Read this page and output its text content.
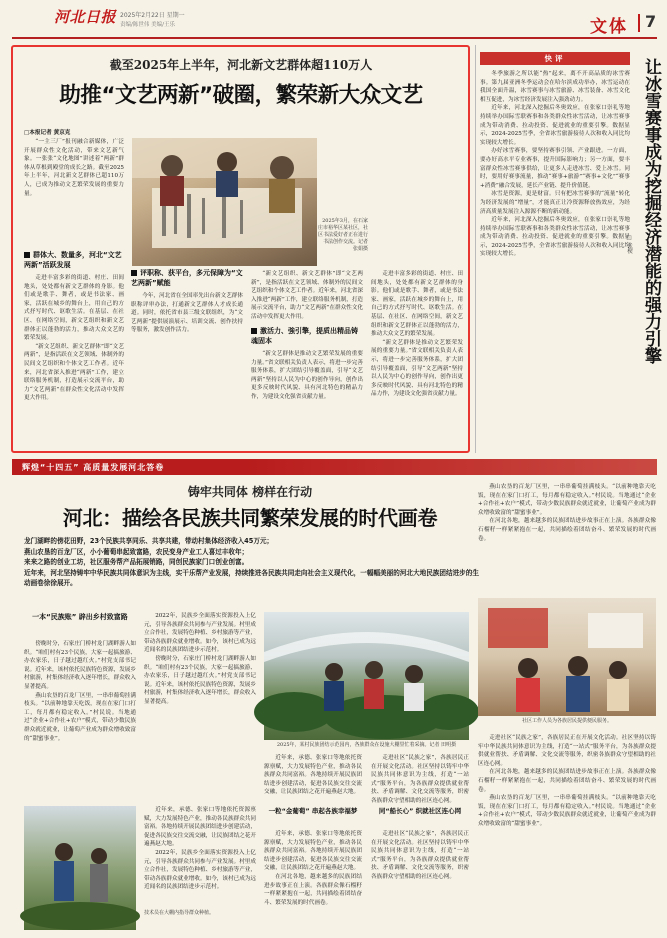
河北日报 2025年2月22日 星期一
责编/陈世伟 美编/王乐	文体 7
截至2025年上半年，河北新文艺群体超110万人
助推“文艺两新”破圈，繁荣新大众文艺
□本报记者 黄京克

“一主三厂”报刊融合新媒体，广泛开展群众性文化活动，带来文艺新气象。一张张“文化地图”讲述着“两新”群体从草根到殿堂的成长之路。截至2025年上半年，河北新文艺群体已超110万人，已成为推动文艺繁荣发展的重要力量。

群体大、数量多，河北“文艺两新”活跃发展

走进丰富多彩的街道、村庄、田间地头，处处都有新文艺群体的身影。他们或是歌手、舞者，或是书法家、画家，活跃在城乡的舞台上，用自己的方式抒写时代、讴歌生活。在基层、在社区、在网络空间，新文艺组织和新文艺群体正以蓬勃的活力，推动大众文艺的繁荣发展。

“新文艺组织、新文艺群体”即“文艺两新”，是指活跃在文艺领域、体制外的民间文艺组织和个体文艺工作者。近年来，河北省深入推进“两新”工作，建立联络服务机制，打造展示交流平台，助力“文艺两新”在群众性文化活动中发挥更大作用。

2025年3月，在石家庄市裕华区某社区，社区书法爱好者正在进行书法创作交流。记者 张娟摄
评职称、获平台，多元保障为“文艺两新”赋能

今年，河北省在全国率先出台新文艺群体职称评审办法，打通新文艺群体人才成长通道。同时，依托省市县三级文联组织，为“文艺两新”提供展演展示、培训交流、创作扶持等服务，激发创作活力。	激活力、強引擎，提质出精品铸魂固本

“新文艺群体是推动文艺繁荣发展的重要力量。”省文联相关负责人表示，将进一步完善服务体系，扩大团结引导覆盖面，引导“文艺两新”坚持以人民为中心的创作导向，创作出更多反映时代风貌、具有河北特色的精品力作，为建设文化强省贡献力量。

“新文艺组织、新文艺群体”即“文艺两新”，是指活跃在文艺领域、体制外的民间文艺组织和个体文艺工作者。近年来，河北省深入推进“两新”工作，建立联络服务机制，打造展示交流平台，助力“文艺两新”在群众性文化活动中发挥更大作用。

走进丰富多彩的街道、村庄、田间地头，处处都有新文艺群体的身影。他们或是歌手、舞者，或是书法家、画家，活跃在城乡的舞台上，用自己的方式抒写时代、讴歌生活。在基层、在社区、在网络空间，新文艺组织和新文艺群体正以蓬勃的活力，推动大众文艺的繁荣发展。

“新文艺群体是推动文艺繁荣发展的重要力量。”省文联相关负责人表示，将进一步完善服务体系，扩大团结引导覆盖面，引导“文艺两新”坚持以人民为中心的创作导向，创作出更多反映时代风貌、具有河北特色的精品力作，为建设文化强省贡献力量。

快评

冬季旅游之所以能“热”起来，离不开高品质的冰雪赛事。第九届亚洲冬季运动会在哈尔滨成功举办，冰雪运动在我国全面升温，冰雪赛事与冰雪旅游、冰雪装备、冰雪文化相互促进，为冰雪经济发展注入强劲动力。

近年来，河北深入挖掘后冬奥效应，在张家口崇礼等地持续举办国际雪联赛事和各类群众性冰雪活动，让冰雪赛事成为带动消费、拉动投资、促进就业的重要引擎。数据显示，2024-2025雪季，全省冰雪旅游接待人次和收入同比均实现较大增长。

办好冰雪赛事，要坚持赛事引领、产业跟进。一方面，要办好高水平专业赛事，提升国际影响力；另一方面，要丰富群众性冰雪赛事供给，让更多人走进冰雪、爱上冰雪。同时，要用好赛事流量，推动“赛事+旅游”“赛事+文化”“赛事+消费”融合发展，延长产业链、提升价值链。

冰雪是资源，更是财富。只有把冰雪赛事的“流量”转化为经济发展的“增量”，才能真正让冷资源释放热效应，为经济高质量发展注入源源不断的新动能。

近年来，河北深入挖掘后冬奥效应，在张家口崇礼等地持续举办国际雪联赛事和各类群众性冰雪活动，让冰雪赛事成为带动消费、拉动投资、促进就业的重要引擎。数据显示，2024-2025雪季，全省冰雪旅游接待人次和收入同比均实现较大增长。	让冰雪赛事成为挖掘经济潜能的强力引擎
□ 张楔
辉煌“十四五” 高质量发展河北答卷
铸牢共同体 榜样在行动
河北：描绘各民族共同繁荣发展的时代画卷
龙门湖畔的傍花田野，23个民族共享同乐、共享共建，带动村集体经济收入45万元；
燕山农垦的百龙厂区，小小葡萄串起致富路，农民变身产业工人喜过丰收年；
来来之路的创业工坊，社区服务帮产品拓展销路，同创民族家门口创业创富。
近年来，河北坚持铸牢中华民族共同体意识为主线，实干乐帮产业发展，持续推进各民族共同走向社会主义现代化，一幅幅美丽的河北大地民族团结进步的生动画卷徐徐展开。
一本“民族账” 辟出乡村致富路

傍晚时分，石家庄门桥村龙门湖畔游人如织。“咱们村有23个民族，大家一起搞旅游、办农家乐，日子越过越红火。”村党支部书记说。近年来，该村依托民族特色资源，发展乡村旅游，村集体经济收入逐年增长，群众收入显著提高。

燕山农垦的百龙厂区里，一串串葡萄挂满枝头。“以前种地靠天吃饭，现在在家门口打工，每月都有稳定收入。”村民说。当地通过“企业+合作社+农户”模式，带动少数民族群众就近就业，让葡萄产业成为群众增收致富的“甜蜜事业”。

2022年，民族乡全面落实资源投入上亿元，引导各族群众共同参与产业发展。村里成立合作社，发展特色种植、乡村旅游等产业，带动各族群众就业增收。如今，该村已成为远近闻名的民族团结进步示范村。

傍晚时分，石家庄门桥村龙门湖畔游人如织。“咱们村有23个民族，大家一起搞旅游、办农家乐，日子越过越红火。”村党支部书记说。近年来，该村依托民族特色资源，发展乡村旅游，村集体经济收入逐年增长，群众收入显著提高。

2025年，某村民族团结示范园内，各族群众在设施大棚里忙着采摘。记者 田明摄

近年来，承德、张家口等地依托资源禀赋，大力发展特色产业，推动各民族群众共同富裕。各地持续开展民族团结进步创建活动，促进各民族交往交流交融，让民族团结之花开遍燕赵大地。

走进社区“民族之家”，各族居民正在开展文化活动。社区坚持以铸牢中华民族共同体意识为主线，打造“一站式”服务平台，为各族群众提供就业帮扶、矛盾调解、文化交流等服务，织密各族群众守望相助的社区连心网。

燕山农垦的百龙厂区里，一串串葡萄挂满枝头。“以前种地靠天吃饭，现在在家门口打工，每月都有稳定收入。”村民说。当地通过“企业+合作社+农户”模式，带动少数民族群众就近就业，让葡萄产业成为群众增收致富的“甜蜜事业”。

在河北各地，越来越多的民族团结进步故事正在上演。各族群众像石榴籽一样紧紧抱在一起，共同描绘着团结奋斗、繁荣发展的时代画卷。

社区工作人员为各族居民提供便民服务。
技术员在大棚内指导群众种植。

近年来，承德、张家口等地依托资源禀赋，大力发展特色产业，推动各民族群众共同富裕。各地持续开展民族团结进步创建活动，促进各民族交往交流交融，让民族团结之花开遍燕赵大地。

2022年，民族乡全面落实资源投入上亿元，引导各族群众共同参与产业发展。村里成立合作社，发展特色种植、乡村旅游等产业，带动各族群众就业增收。如今，该村已成为远近闻名的民族团结进步示范村。

一粒“金葡萄” 串起各族幸福梦

近年来，承德、张家口等地依托资源禀赋，大力发展特色产业，推动各民族群众共同富裕。各地持续开展民族团结进步创建活动，促进各民族交往交流交融，让民族团结之花开遍燕赵大地。

在河北各地，越来越多的民族团结进步故事正在上演。各族群众像石榴籽一样紧紧抱在一起，共同描绘着团结奋斗、繁荣发展的时代画卷。

同“船长心” 织就社区连心网

走进社区“民族之家”，各族居民正在开展文化活动。社区坚持以铸牢中华民族共同体意识为主线，打造“一站式”服务平台，为各族群众提供就业帮扶、矛盾调解、文化交流等服务，织密各族群众守望相助的社区连心网。

走进社区“民族之家”，各族居民正在开展文化活动。社区坚持以铸牢中华民族共同体意识为主线，打造“一站式”服务平台，为各族群众提供就业帮扶、矛盾调解、文化交流等服务，织密各族群众守望相助的社区连心网。

在河北各地，越来越多的民族团结进步故事正在上演。各族群众像石榴籽一样紧紧抱在一起，共同描绘着团结奋斗、繁荣发展的时代画卷。

燕山农垦的百龙厂区里，一串串葡萄挂满枝头。“以前种地靠天吃饭，现在在家门口打工，每月都有稳定收入。”村民说。当地通过“企业+合作社+农户”模式，带动少数民族群众就近就业，让葡萄产业成为群众增收致富的“甜蜜事业”。
